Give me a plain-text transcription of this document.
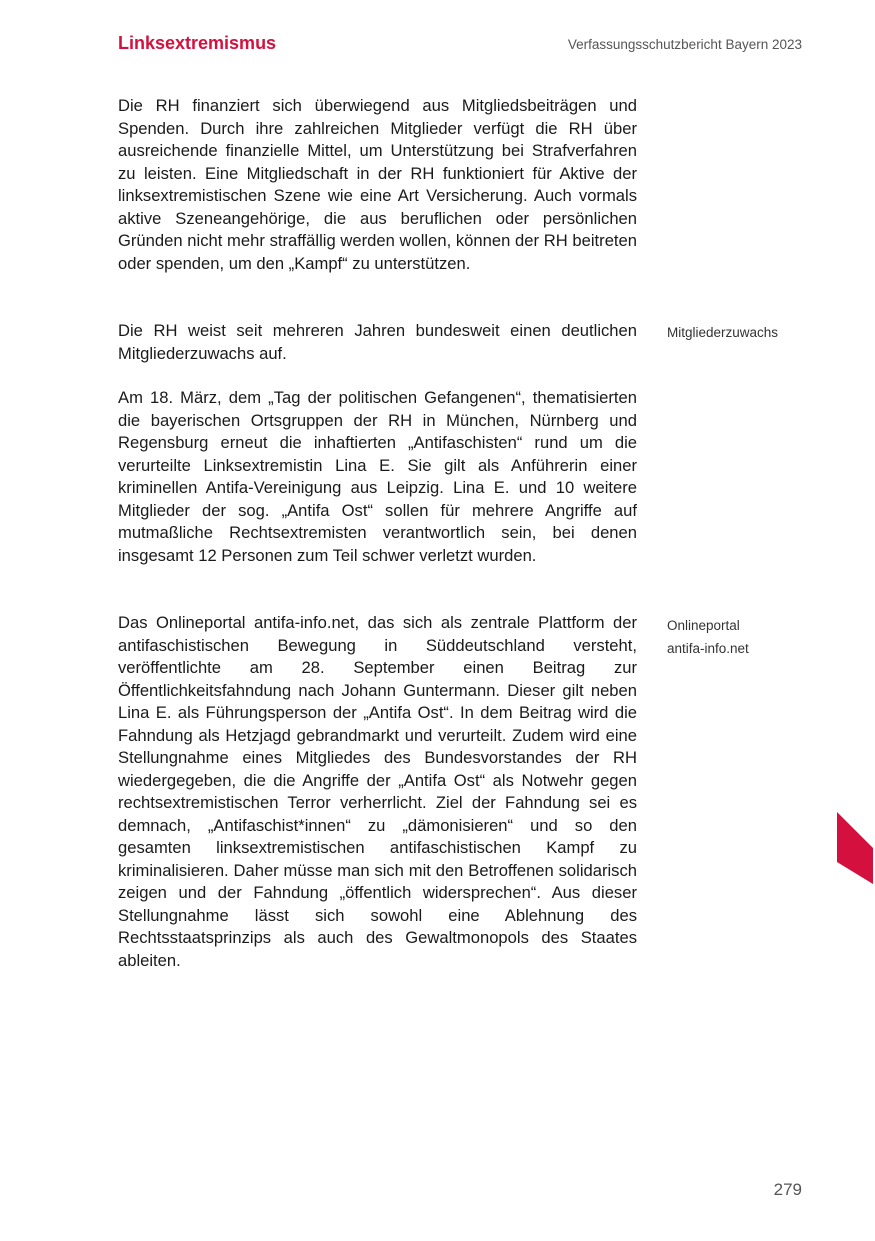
Linksextremismus	Verfassungsschutzbericht Bayern 2023

Die RH finanziert sich überwiegend aus Mitgliedsbeiträgen und Spenden. Durch ihre zahlreichen Mitglieder verfügt die RH über ausreichende finanzielle Mittel, um Unterstützung bei Strafverfahren zu leisten. Eine Mitgliedschaft in der RH funktioniert für Aktive der linksextremistischen Szene wie eine Art Versicherung. Auch vormals aktive Szeneangehörige, die aus beruflichen oder persönlichen Gründen nicht mehr straffällig werden wollen, können der RH beitreten oder spenden, um den „Kampf“ zu unterstützen.

Die RH weist seit mehreren Jahren bundesweit einen deutlichen Mitgliederzuwachs auf.

Am 18. März, dem „Tag der politischen Gefangenen“, thematisierten die bayerischen Ortsgruppen der RH in München, Nürnberg und Regensburg erneut die inhaftierten „Antifaschisten“ rund um die verurteilte Linksextremistin Lina E. Sie gilt als Anführerin einer kriminellen Antifa-Vereinigung aus Leipzig. Lina E. und 10 weitere Mitglieder der sog. „Antifa Ost“ sollen für mehrere Angriffe auf mutmaßliche Rechtsextremisten verantwortlich sein, bei denen insgesamt 12 Personen zum Teil schwer verletzt wurden.

Das Onlineportal antifa-info.net, das sich als zentrale Plattform der antifaschistischen Bewegung in Süddeutschland versteht, veröffentlichte am 28. September einen Beitrag zur Öffentlichkeitsfahndung nach Johann Guntermann. Dieser gilt neben Lina E. als Führungsperson der „Antifa Ost“. In dem Beitrag wird die Fahndung als Hetzjagd gebrandmarkt und verurteilt. Zudem wird eine Stellungnahme eines Mitgliedes des Bundesvorstandes der RH wiedergegeben, die die Angriffe der „Antifa Ost“ als Notwehr gegen rechtsextremistischen Terror verherrlicht. Ziel der Fahndung sei es demnach, „Antifaschist*innen“ zu „dämonisieren“ und so den gesamten linksextremistischen antifaschistischen Kampf zu kriminalisieren. Daher müsse man sich mit den Betroffenen solidarisch zeigen und der Fahndung „öffentlich widersprechen“. Aus dieser Stellungnahme lässt sich sowohl eine Ablehnung des Rechtsstaatsprinzips als auch des Gewaltmonopols des Staates ableiten.

Mitgliederzuwachs
Onlineportal
antifa-info.net
279
